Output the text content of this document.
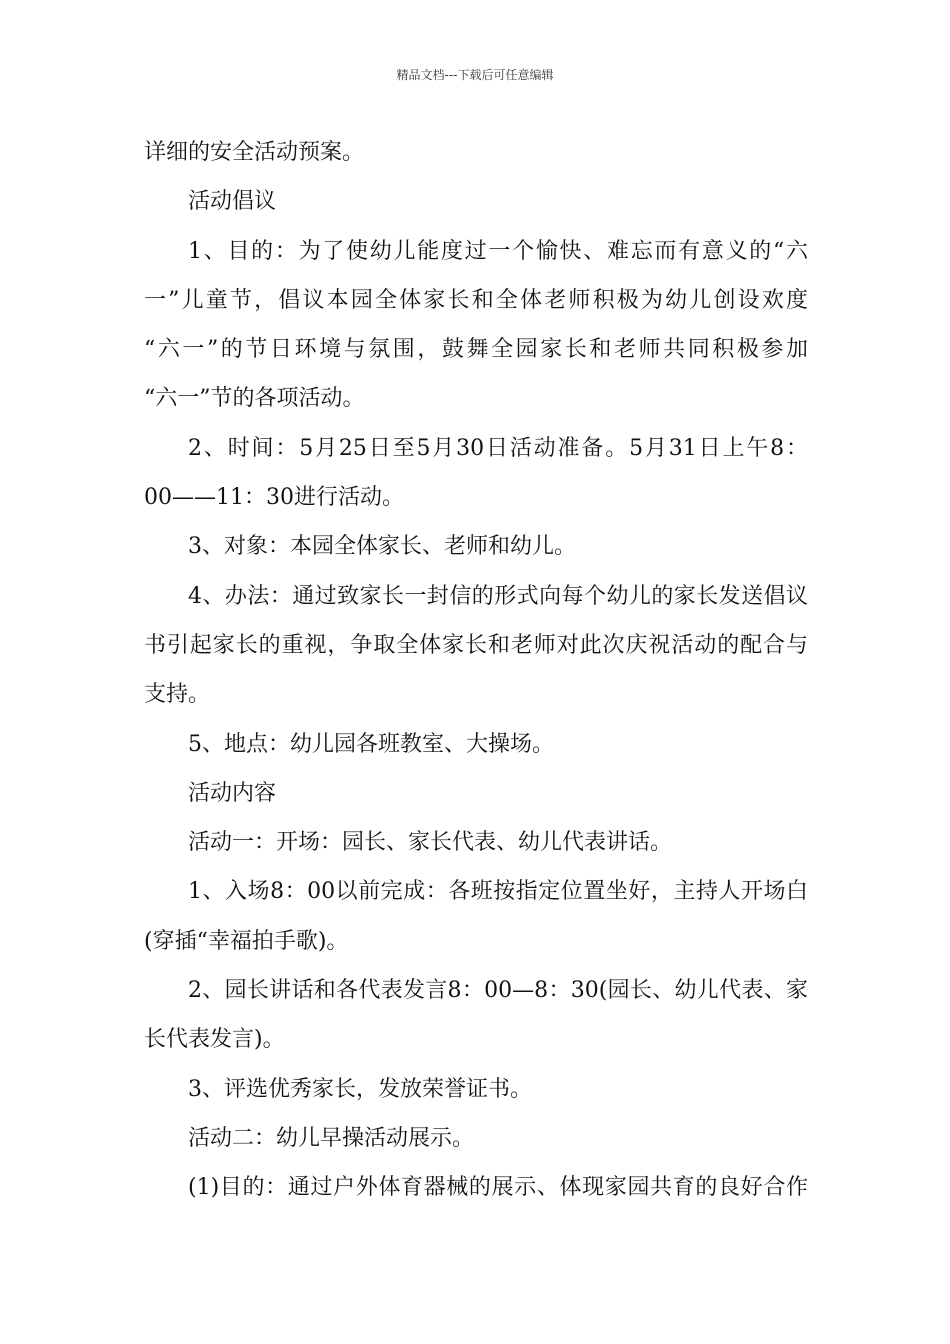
精品文档---下载后可任意编辑

详细的安全活动预案。

活动倡议

1、目的：为了使幼儿能度过一个愉快、难忘而有意义的“六

一”儿童节，倡议本园全体家长和全体老师积极为幼儿创设欢度

“六一”的节日环境与氛围，鼓舞全园家长和老师共同积极参加

“六一”节的各项活动。

2、时间：5月25日至5月30日活动准备。5月31日上午8：

00——11：30进行活动。

3、对象：本园全体家长、老师和幼儿。

4、办法：通过致家长一封信的形式向每个幼儿的家长发送倡议

书引起家长的重视，争取全体家长和老师对此次庆祝活动的配合与

支持。

5、地点：幼儿园各班教室、大操场。

活动内容

活动一：开场：园长、家长代表、幼儿代表讲话。

1、入场8：00以前完成：各班按指定位置坐好，主持人开场白

(穿插“幸福拍手歌)。

2、园长讲话和各代表发言8：00—8：30(园长、幼儿代表、家

长代表发言)。

3、评选优秀家长，发放荣誉证书。

活动二：幼儿早操活动展示。

(1)目的：通过户外体育器械的展示、体现家园共育的良好合作
